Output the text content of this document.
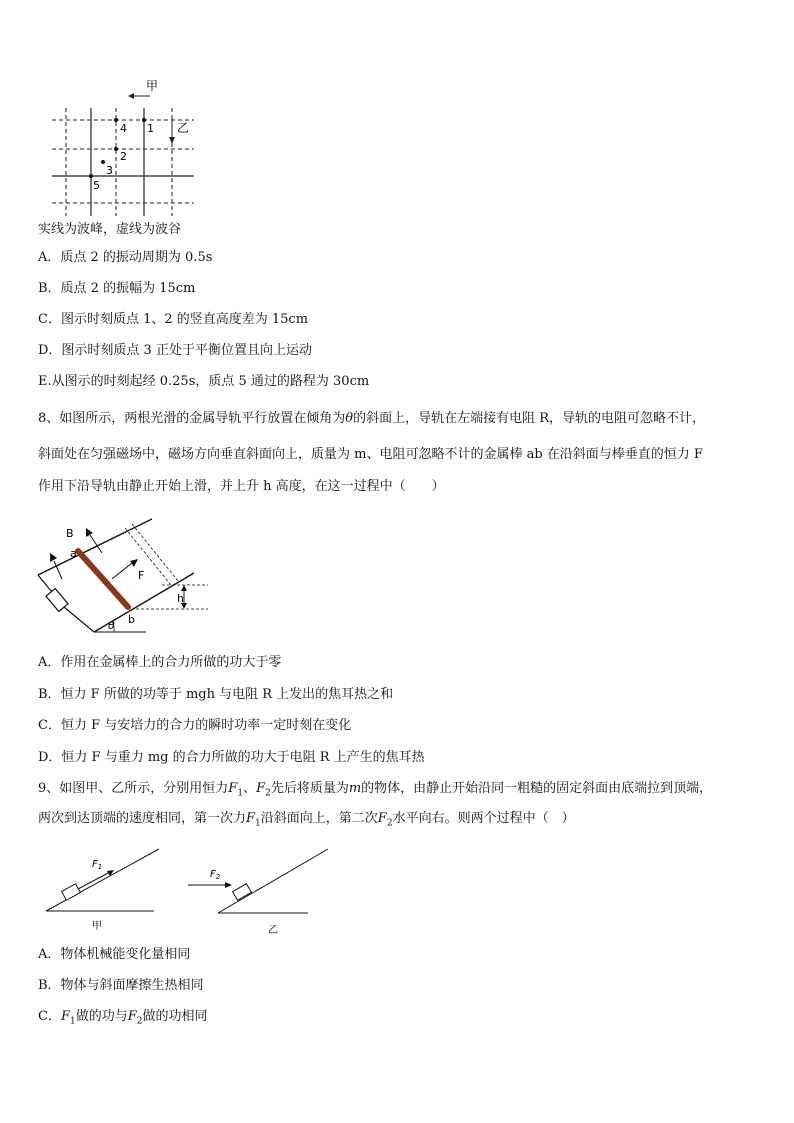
甲
乙
4 1
2
3
5
实线为波峰，虚线为波谷
A．质点 2 的振动周期为 0.5s
B．质点 2 的振幅为 15cm
C．图示时刻质点 1、2 的竖直高度差为 15cm
D．图示时刻质点 3 正处于平衡位置且向上运动
E.从图示的时刻起经 0.25s，质点 5 通过的路程为 30cm
8、如图所示，两根光滑的金属导轨平行放置在倾角为θ的斜面上，导轨在左端接有电阻 R，导轨的电阻可忽略不计，
斜面处在匀强磁场中，磁场方向垂直斜面向上，质量为 m、电阻可忽略不计的金属棒 ab 在沿斜面与棒垂直的恒力 F
作用下沿导轨由静止开始上滑，并上升 h 高度，在这一过程中（　　）
h
θ
a
b
B
F
A．作用在金属棒上的合力所做的功大于零
B．恒力 F 所做的功等于 mgh 与电阻 R 上发出的焦耳热之和
C．恒力 F 与安培力的合力的瞬时功率一定时刻在变化
D．恒力 F 与重力 mg 的合力所做的功大于电阻 R 上产生的焦耳热
9、如图甲、乙所示，分别用恒力$F_1$、$F_2$先后将质量为m的物体，由静止开始沿同一粗糙的固定斜面由底端拉到顶端，
两次到达顶端的速度相同，第一次力$F_1$沿斜面向上，第二次$F_2$水平向右。则两个过程中（　）
$F_1$
甲
$F_2$
乙
A．物体机械能变化量相同
B．物体与斜面摩擦生热相同
C．$F_1$做的功与$F_2$做的功相同
